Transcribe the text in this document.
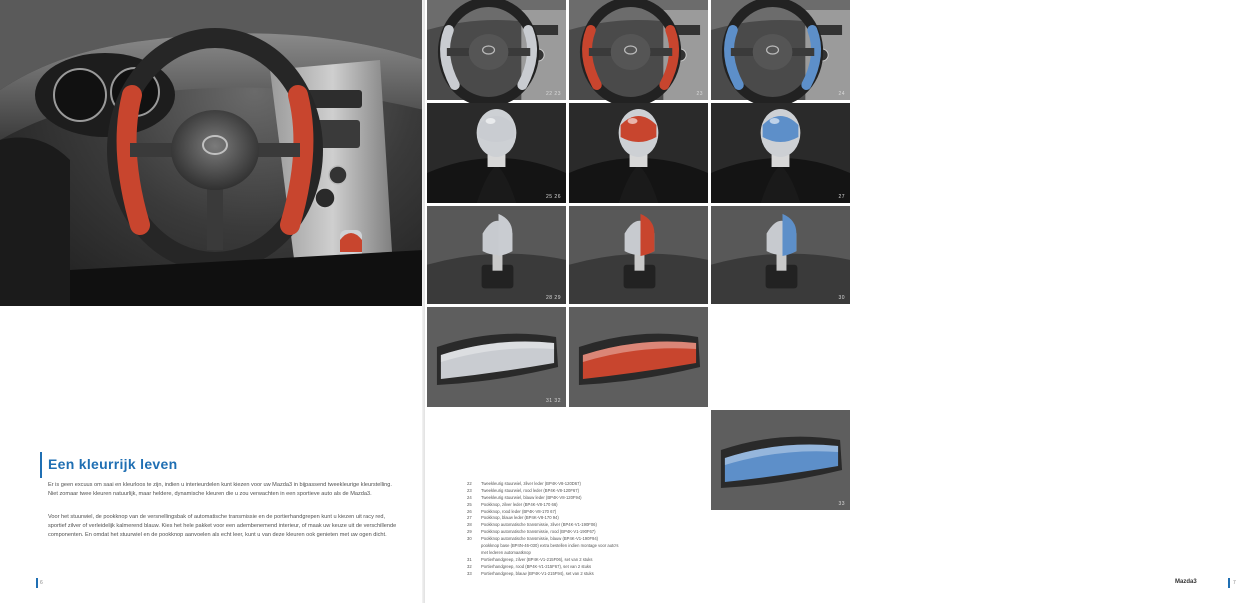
Een kleurrijk leven

Er is geen excuus om saai en kleurloos te zijn, indien u interieurdelen kunt kiezen voor uw Mazda3 in bijpassend tweekleurige kleurstelling. Niet zomaar twee kleuren natuurlijk, maar heldere, dynamische kleuren die u zou verwachten in een sportieve auto als de Mazda3.

Voor het stuurwiel, de pookknop van de versnellingsbak of automatische transmissie en de portierhandgrepen kunt u kiezen uit racy red, sportief zilver of verleidelijk kalmerend blauw. Kies het hele pakket voor een adembenemend interieur, of maak uw keuze uit de verschillende componenten. En omdat het stuurwiel en de pookknop aanvoelen als echt leer, kunt u van deze kleuren ook genieten met uw ogen dicht.

6	Mazda3	7
22 23	23	24
25 26	27
28 29	30
31 32
33
22	Tweekleurig stuurwiel, zilver leder (BP4K-V8-120D67)
23	Tweekleurig stuurwiel, rood leder (BP4K-V8-120F67)
24	Tweekleurig stuurwiel, blauw leder (BP4K-V8-120F94)
25	Pookknop, zilver leder (BP4K-V8-170 66)
26	Pookknop, rood leder (BP4K-V8-170 67)
27	Pookknop, blauw leder (BP4K-V8-170 94)
28	Pookknop automatische transmissie, zilver (BP4K-V1-190F06)
29	Pookknop automatische transmissie, rood (BP4K-V1-190F67)
30	Pookknop automatische transmissie, blauw (BP4K-V1-190F94)
pookknop base (BP4N-46-030) extra bestellen indien montage voor auto's
met lederen automaatknop
31	Portierhandgreep, zilver (BP4K-V1-215F06), set van 2 stuks
32	Portierhandgreep, rood (BP4K-V1-215F67), set van 2 stuks
33	Portierhandgreep, blauw (BP4K-V1-215F94), set van 2 stuks
